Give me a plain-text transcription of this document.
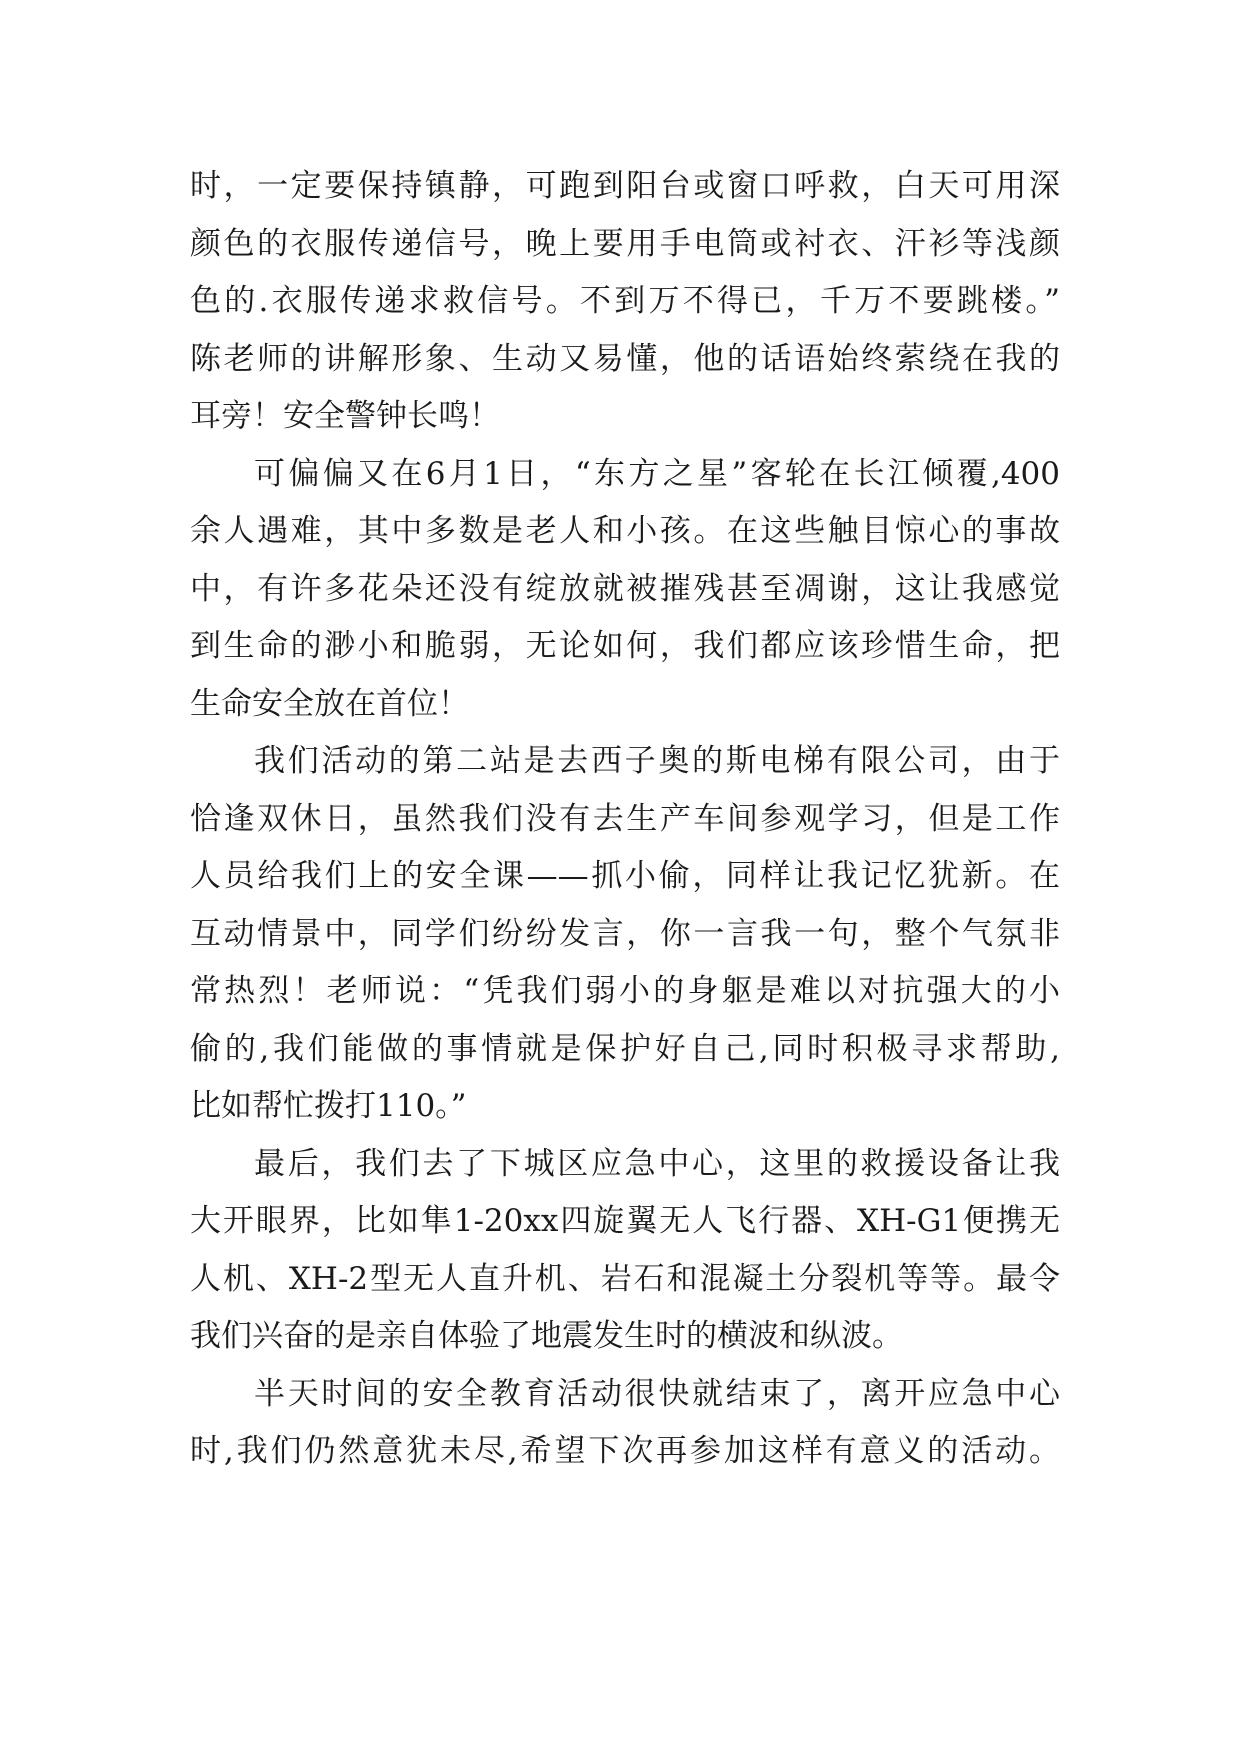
时，一定要保持镇静，可跑到阳台或窗口呼救，白天可用深
颜色的衣服传递信号，晚上要用手电筒或衬衣、汗衫等浅颜
色的.衣服传递求救信号。不到万不得已，千万不要跳楼。”
陈老师的讲解形象、生动又易懂，他的话语始终萦绕在我的
耳旁！安全警钟长鸣！
可偏偏又在6月1日，“东方之星”客轮在长江倾覆,400
余人遇难，其中多数是老人和小孩。在这些触目惊心的事故
中，有许多花朵还没有绽放就被摧残甚至凋谢，这让我感觉
到生命的渺小和脆弱，无论如何，我们都应该珍惜生命，把
生命安全放在首位！
我们活动的第二站是去西子奥的斯电梯有限公司，由于
恰逢双休日，虽然我们没有去生产车间参观学习，但是工作
人员给我们上的安全课——抓小偷，同样让我记忆犹新。在
互动情景中，同学们纷纷发言，你一言我一句，整个气氛非
常热烈！老师说：“凭我们弱小的身躯是难以对抗强大的小
偷的,我们能做的事情就是保护好自己,同时积极寻求帮助,
比如帮忙拨打110。”
最后，我们去了下城区应急中心，这里的救援设备让我
大开眼界，比如隼1-20xx四旋翼无人飞行器、XH-G1便携无
人机、XH-2型无人直升机、岩石和混凝土分裂机等等。最令
我们兴奋的是亲自体验了地震发生时的横波和纵波。
半天时间的安全教育活动很快就结束了，离开应急中心
时,我们仍然意犹未尽,希望下次再参加这样有意义的活动。
